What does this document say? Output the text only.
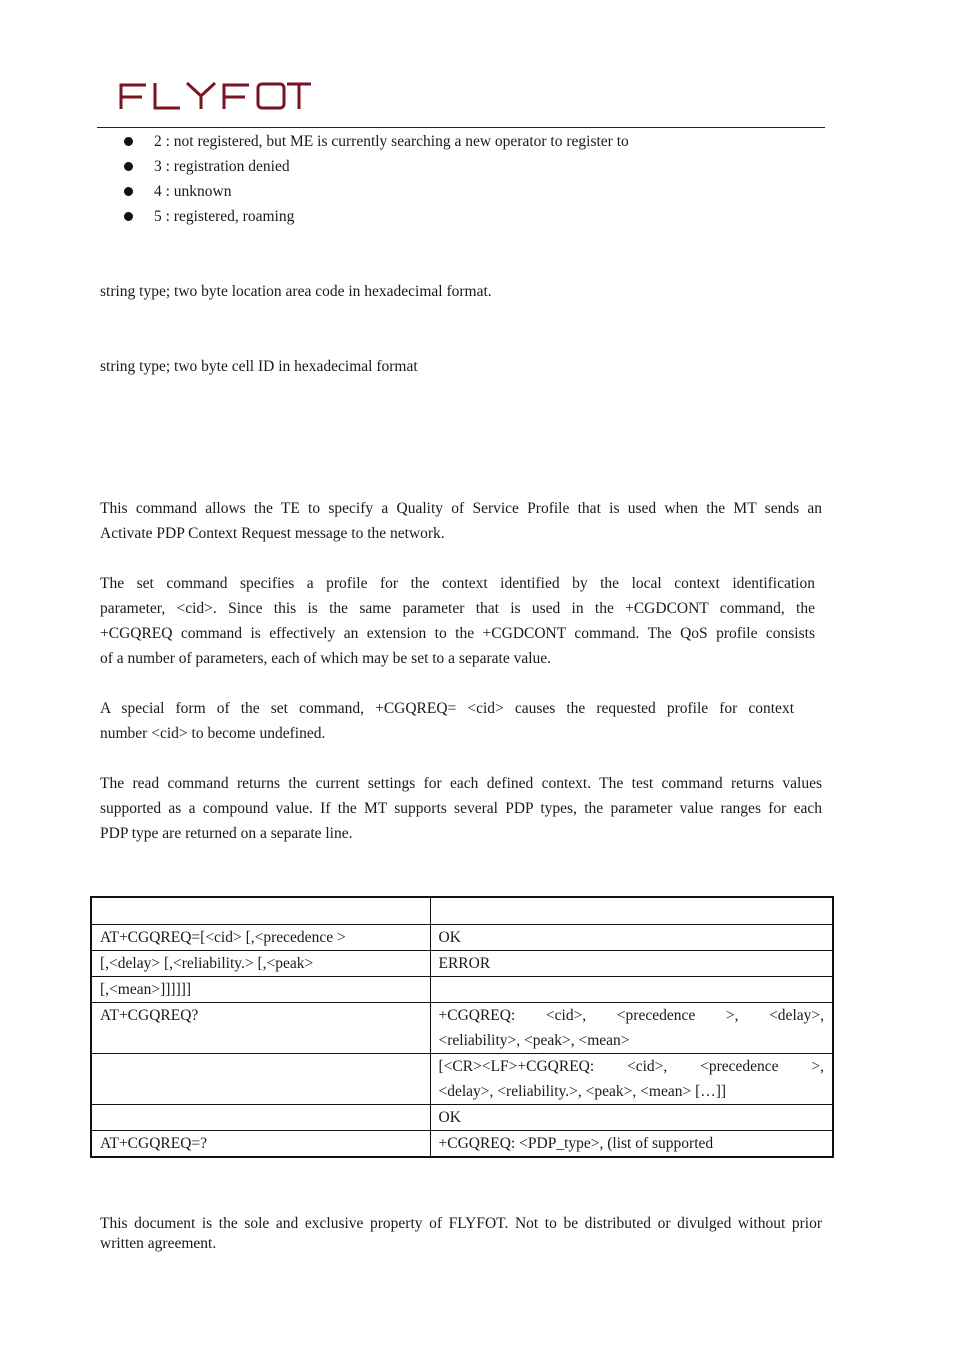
2 : not registered, but ME is currently searching a new operator to register to
3 : registration denied
4 : unknown
5 : registered, roaming
string type; two byte location area code in hexadecimal format.
string type; two byte cell ID in hexadecimal format
This command allows the TE to specify a Quality of Service Profile that is used when the MT sends an
Activate PDP Context Request message to the network.
The set command specifies a profile for the context identified by the local context identification
parameter, <cid>. Since this is the same parameter that is used in the +CGDCONT command, the
+CGQREQ command is effectively an extension to the +CGDCONT command. The QoS profile consists
of a number of parameters, each of which may be set to a separate value.
A special form of the set command, +CGQREQ= <cid> causes the requested profile for context
number <cid> to become undefined.
The read command returns the current settings for each defined context. The test command returns values
supported as a compound value. If the MT supports several PDP types, the parameter value ranges for each
PDP type are returned on a separate line.

AT+CGQREQ=[<cid> [,<precedence >	OK
[,<delay> [,<reliability.> [,<peak>	ERROR
[,<mean>]]]]]]	
AT+CGQREQ?	+CGQREQ: <cid>, <precedence >, <delay>,
<reliability>, <peak>, <mean>

	[<CR><LF>+CGQREQ: <cid>, <precedence >,
<delay>, <reliability.>, <peak>, <mean> […]]
	OK
AT+CGQREQ=?	+CGQREQ: <PDP_type>, (list of supported
This document is the sole and exclusive property of FLYFOT. Not to be distributed or divulged without prior written agreement.
